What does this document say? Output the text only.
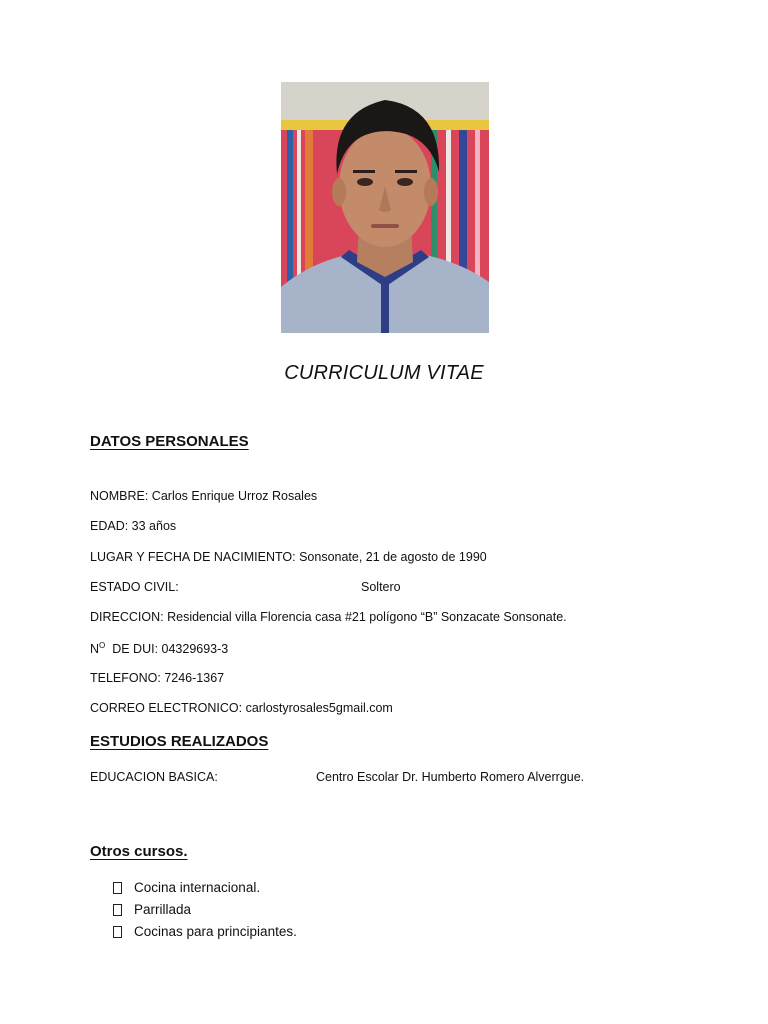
CURRICULUM VITAE
DATOS PERSONALES
NOMBRE: Carlos Enrique Urroz Rosales
EDAD: 33 años
LUGAR Y FECHA DE NACIMIENTO: Sonsonate, 21 de agosto de 1990
ESTADO CIVIL:	Soltero
DIRECCION: Residencial villa Florencia casa #21 polígono “B” Sonzacate Sonsonate.
$N^O$  DE DUI: 04329693-3
TELEFONO: 7246-1367
CORREO ELECTRONICO: carlostyrosales5gmail.com
ESTUDIOS REALIZADOS
EDUCACION BASICA:	Centro Escolar Dr. Humberto Romero Alverrgue.
Otros cursos.
Cocina internacional.
Parrillada
Cocinas para principiantes.
